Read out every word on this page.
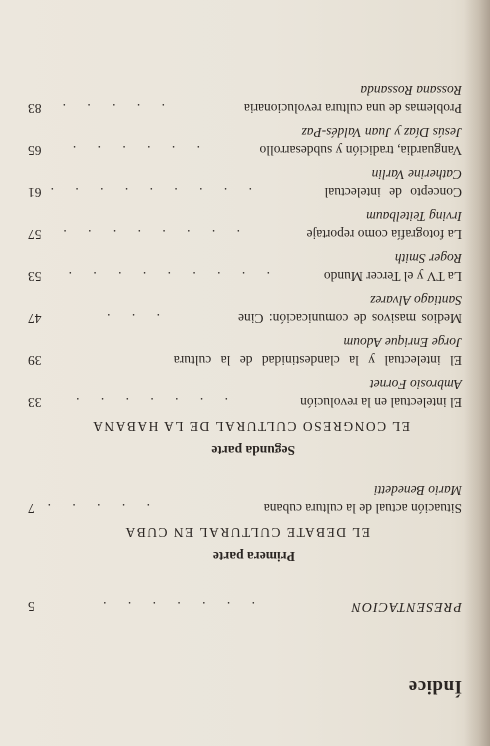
Índice
PRESENTACION
. . . . . . .
5
Primera parte
EL DEBATE CULTURAL EN CUBA
Situación actual de la cultura cubana
. . . . .
7
Mario Benedetti
Segunda parte
EL CONGRESO CULTURAL DE LA HABANA
El intelectual en la revolución
. . . . . . .
33
Ambrosio Fornet
El intelectual y la clandestinidad de la cultura
39
Jorge Enrique Adoum
Medios masivos de comunicación: Cine
. . .
47
Santiago Alvarez
La TV y el Tercer Mundo
. . . . . . . . .
53
Roger Smith
La fotografía como reportaje
. . . . . . . .
57
Irving Teitelbaum
Concepto de intelectual
. . . . . . . . .
61
Catherine Varlin
Vanguardia, tradición y subdesarrollo
. . . . . .
65
Jesús Díaz y Juan Valdés-Paz
Problemas de una cultura revolucionaria
. . . . .
83
Rossana Rossanda
